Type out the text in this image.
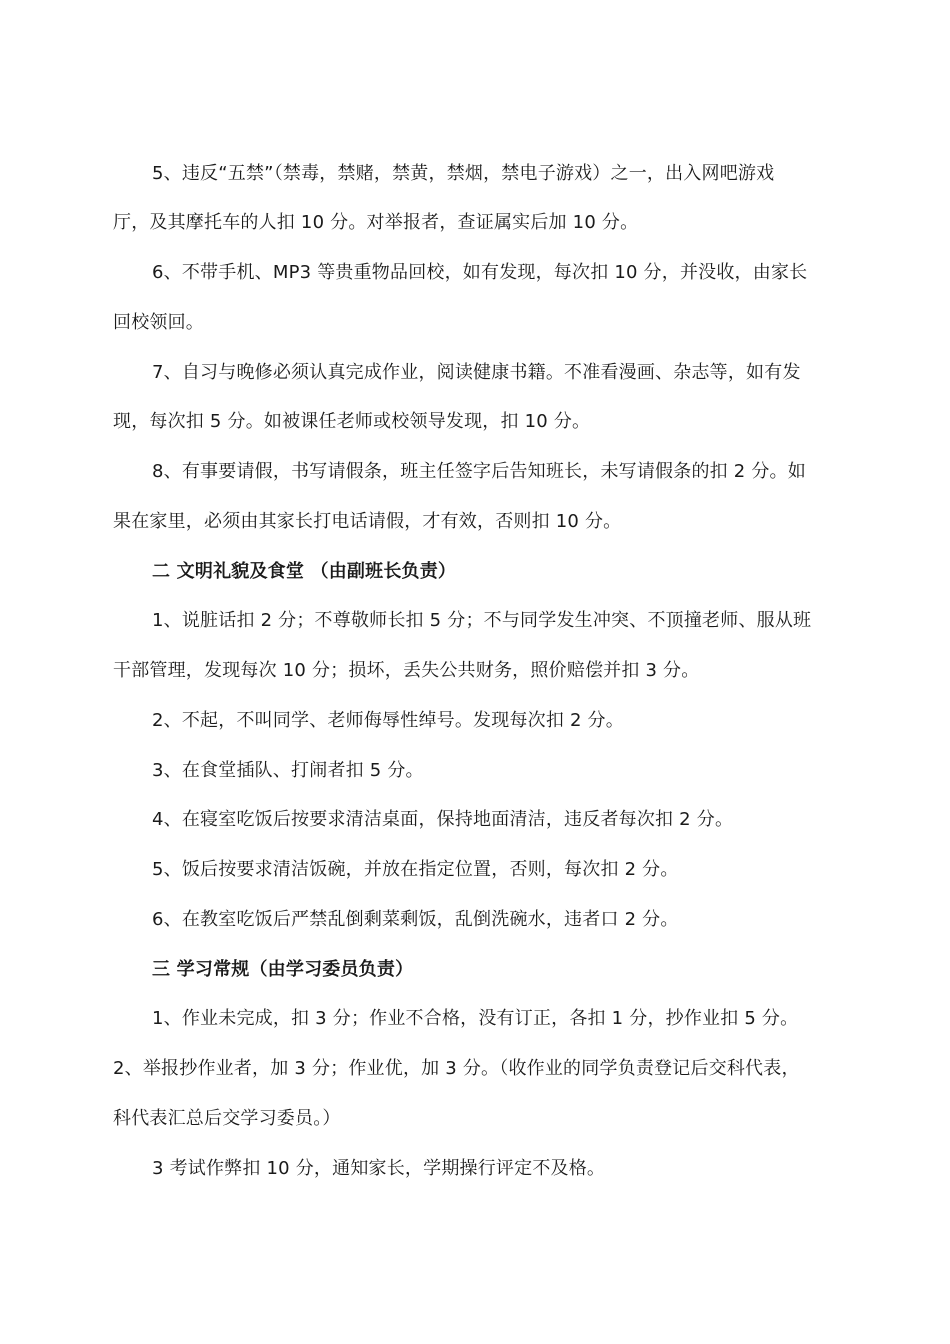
5、违反“五禁”（禁毒，禁赌，禁黄，禁烟，禁电子游戏）之一，出入网吧游戏
厅，及其摩托车的人扣 10 分。对举报者，查证属实后加 10 分。
6、不带手机、MP3 等贵重物品回校，如有发现，每次扣 10 分，并没收，由家长
回校领回。
7、自习与晚修必须认真完成作业，阅读健康书籍。不准看漫画、杂志等，如有发
现，每次扣 5 分。如被课任老师或校领导发现，扣 10 分。
8、有事要请假，书写请假条，班主任签字后告知班长，未写请假条的扣 2 分。如
果在家里，必须由其家长打电话请假，才有效，否则扣 10 分。
二 文明礼貌及食堂 （由副班长负责）
1、说脏话扣 2 分；不尊敬师长扣 5 分；不与同学发生冲突、不顶撞老师、服从班
干部管理，发现每次 10 分；损坏，丢失公共财务，照价赔偿并扣 3 分。
2、不起，不叫同学、老师侮辱性绰号。发现每次扣 2 分。
3、在食堂插队、打闹者扣 5 分。
4、在寝室吃饭后按要求清洁桌面，保持地面清洁，违反者每次扣 2 分。
5、饭后按要求清洁饭碗，并放在指定位置，否则，每次扣 2 分。
6、在教室吃饭后严禁乱倒剩菜剩饭，乱倒洗碗水，违者口 2 分。
三 学习常规（由学习委员负责）
1、作业未完成，扣 3 分；作业不合格，没有订正，各扣 1 分，抄作业扣 5 分。
2、举报抄作业者，加 3 分；作业优，加 3 分。（收作业的同学负责登记后交科代表，
科代表汇总后交学习委员。）
3 考试作弊扣 10 分，通知家长，学期操行评定不及格。
